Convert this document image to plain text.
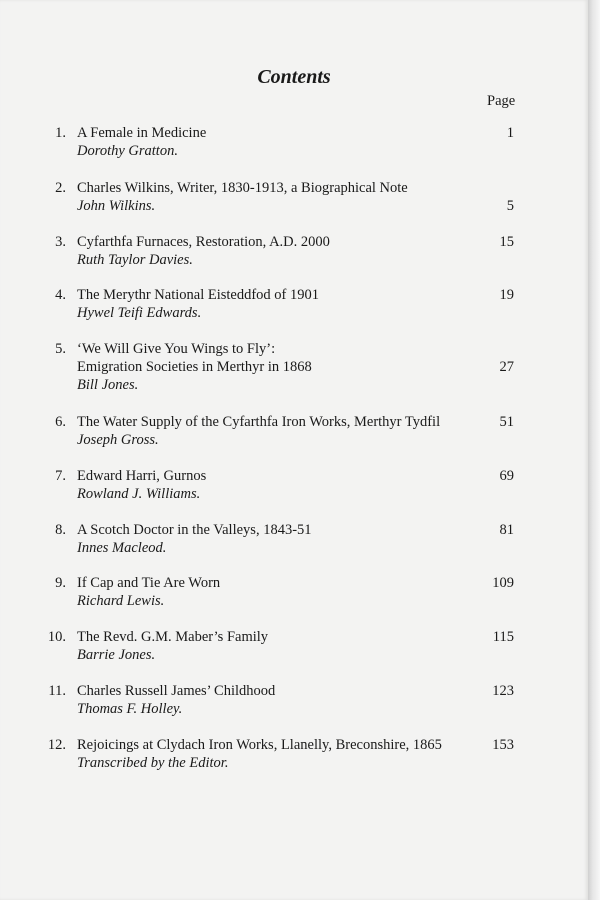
Contents
Page
1. A Female in Medicine
Dorothy Gratton.
1
2. Charles Wilkins, Writer, 1830-1913, a Biographical Note
John Wilkins.	5
3. Cyfarthfa Furnaces, Restoration, A.D. 2000
Ruth Taylor Davies.
15
4. The Merythr National Eisteddfod of 1901
Hywel Teifi Edwards.
19
5. ‘We Will Give You Wings to Fly’:
Emigration Societies in Merthyr in 1868
Bill Jones.
27
6. The Water Supply of the Cyfarthfa Iron Works, Merthyr Tydfil
Joseph Gross.
51
7. Edward Harri, Gurnos
Rowland J. Williams.
69
8. A Scotch Doctor in the Valleys, 1843-51
Innes Macleod.
81
9. If Cap and Tie Are Worn
Richard Lewis.
109
10. The Revd. G.M. Maber’s Family
Barrie Jones.
115
11. Charles Russell James’ Childhood
Thomas F. Holley.
123
12. Rejoicings at Clydach Iron Works, Llanelly, Breconshire, 1865
Transcribed by the Editor.
153
